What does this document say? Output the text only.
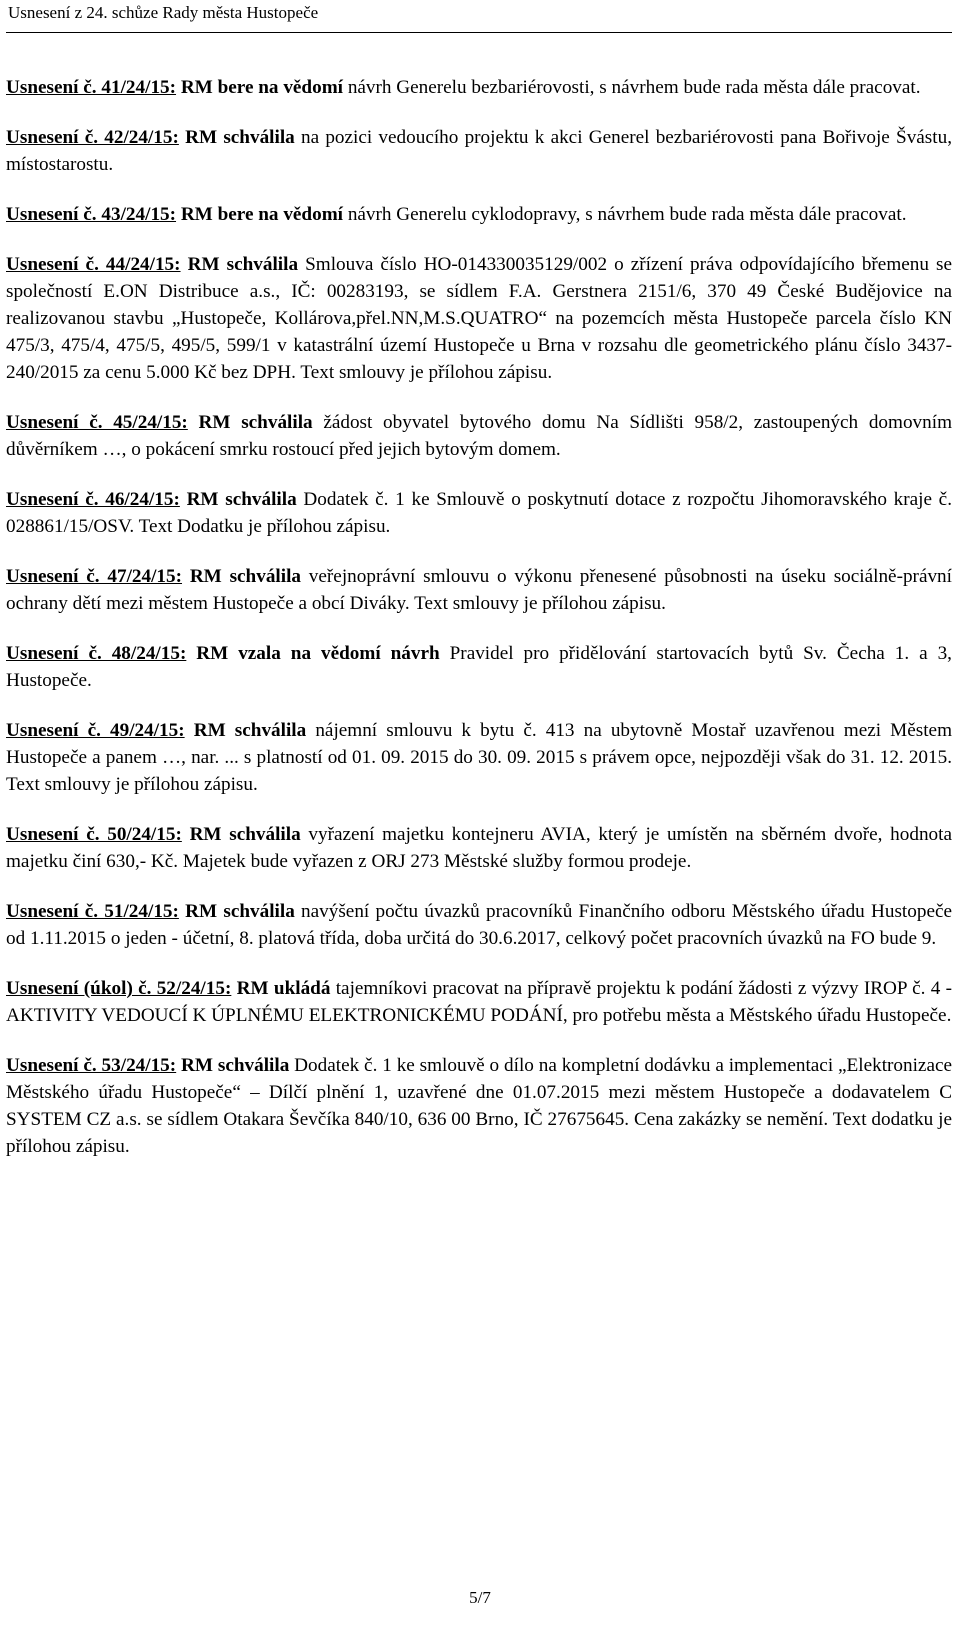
Usnesení z 24. schůze Rady města Hustopeče

Usnesení č. 41/24/15: RM bere na vědomí návrh Generelu bezbariérovosti, s návrhem bude rada města dále pracovat.

Usnesení č. 42/24/15: RM schválila na pozici vedoucího projektu k akci Generel bezbariérovosti pana Bořivoje Švástu, místostarostu.

Usnesení č. 43/24/15: RM bere na vědomí návrh Generelu cyklodopravy, s návrhem bude rada města dále pracovat.

Usnesení č. 44/24/15: RM schválila Smlouva číslo HO-014330035129/002 o zřízení práva odpovídajícího břemenu se společností E.ON Distribuce a.s., IČ: 00283193, se sídlem F.A. Gerstnera 2151/6, 370 49 České Budějovice na realizovanou stavbu „Hustopeče, Kollárova,přel.NN,M.S.QUATRO“ na pozemcích města Hustopeče parcela číslo KN 475/3, 475/4, 475/5, 495/5, 599/1 v katastrální území Hustopeče u Brna v rozsahu dle geometrického plánu číslo 3437-240/2015 za cenu 5.000 Kč bez DPH. Text smlouvy je přílohou zápisu.

Usnesení č. 45/24/15: RM schválila žádost obyvatel bytového domu Na Sídlišti 958/2, zastoupených domovním důvěrníkem …, o pokácení smrku rostoucí před jejich bytovým domem.

Usnesení č. 46/24/15: RM schválila Dodatek č. 1 ke Smlouvě o poskytnutí dotace z rozpočtu Jihomoravského kraje č. 028861/15/OSV. Text Dodatku je přílohou zápisu.

Usnesení č. 47/24/15: RM schválila veřejnoprávní smlouvu o výkonu přenesené působnosti na úseku sociálně-právní ochrany dětí mezi městem Hustopeče a obcí Diváky. Text smlouvy je přílohou zápisu.

Usnesení č. 48/24/15: RM vzala na vědomí návrh Pravidel pro přidělování startovacích bytů Sv. Čecha 1. a 3, Hustopeče.

Usnesení č. 49/24/15: RM schválila nájemní smlouvu k bytu č. 413 na ubytovně Mostař uzavřenou mezi Městem Hustopeče a panem …, nar. ... s platností od 01. 09. 2015 do 30. 09. 2015 s právem opce, nejpozději však do 31. 12. 2015. Text smlouvy je přílohou zápisu.

Usnesení č. 50/24/15: RM schválila vyřazení majetku kontejneru AVIA, který je umístěn na sběrném dvoře, hodnota majetku činí 630,- Kč. Majetek bude vyřazen z ORJ 273 Městské služby formou prodeje.

Usnesení č. 51/24/15: RM schválila navýšení počtu úvazků pracovníků Finančního odboru Městského úřadu Hustopeče od 1.11.2015 o jeden - účetní, 8. platová třída, doba určitá do 30.6.2017, celkový počet pracovních úvazků na FO bude 9.

Usnesení (úkol) č. 52/24/15: RM ukládá tajemníkovi pracovat na přípravě projektu k podání žádosti z výzvy IROP č. 4 - AKTIVITY VEDOUCÍ K ÚPLNÉMU ELEKTRONICKÉMU PODÁNÍ, pro potřebu města a Městského úřadu Hustopeče.

Usnesení č. 53/24/15: RM schválila Dodatek č. 1 ke smlouvě o dílo na kompletní dodávku a implementaci „Elektronizace Městského úřadu Hustopeče“ – Dílčí plnění 1, uzavřené dne 01.07.2015 mezi městem Hustopeče a dodavatelem C SYSTEM CZ a.s. se sídlem Otakara Ševčíka 840/10, 636 00 Brno, IČ 27675645. Cena zakázky se nemění. Text dodatku je přílohou zápisu.

5/7
